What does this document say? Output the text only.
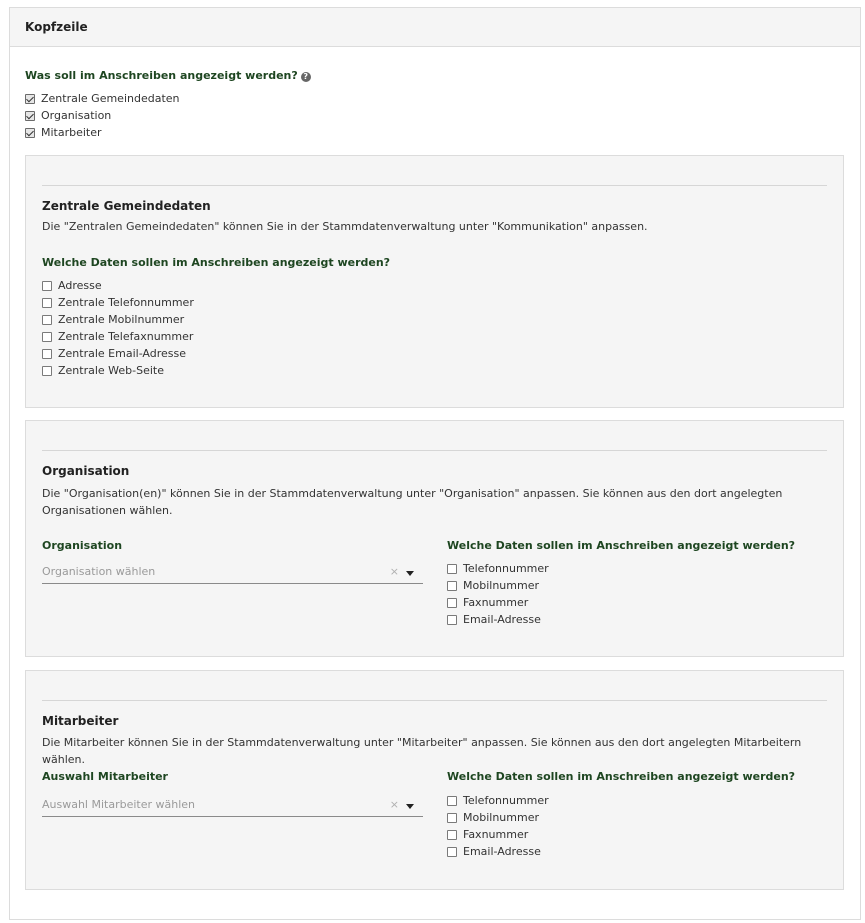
Kopfzeile
Was soll im Anschreiben angezeigt werden? ?
Zentrale Gemeindedaten
Organisation
Mitarbeiter
Zentrale Gemeindedaten

Die "Zentralen Gemeindedaten" können Sie in der Stammdatenverwaltung unter "Kommunikation" anpassen.

Welche Daten sollen im Anschreiben angezeigt werden?
Adresse
Zentrale Telefonnummer
Zentrale Mobilnummer
Zentrale Telefaxnummer
Zentrale Email-Adresse
Zentrale Web-Seite
Organisation

Die "Organisation(en)" können Sie in der Stammdatenverwaltung unter "Organisation" anpassen. Sie können aus den dort angelegten Organisationen wählen.

Organisation
Organisation wählen	×
Welche Daten sollen im Anschreiben angezeigt werden?
Telefonnummer
Mobilnummer
Faxnummer
Email-Adresse
Mitarbeiter

Die Mitarbeiter können Sie in der Stammdatenverwaltung unter "Mitarbeiter" anpassen. Sie können aus den dort angelegten Mitarbeitern wählen.

Auswahl Mitarbeiter
Auswahl Mitarbeiter wählen	×
Welche Daten sollen im Anschreiben angezeigt werden?
Telefonnummer
Mobilnummer
Faxnummer
Email-Adresse
